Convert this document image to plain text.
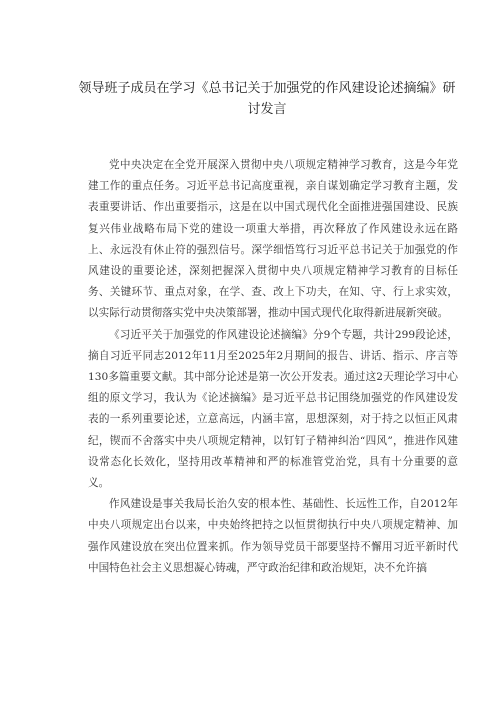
领导班子成员在学习《总书记关于加强党的作风建设论述摘编》研讨发言

党中央决定在全党开展深入贯彻中央八项规定精神学习教育，这是今年党建工作的重点任务。习近平总书记高度重视，亲自谋划确定学习教育主题，发表重要讲话、作出重要指示，这是在以中国式现代化全面推进强国建设、民族复兴伟业战略布局下党的建设一项重大举措，再次释放了作风建设永远在路上、永远没有休止符的强烈信号。深学细悟笃行习近平总书记关于加强党的作风建设的重要论述，深刻把握深入贯彻中央八项规定精神学习教育的目标任务、关键环节、重点对象，在学、查、改上下功夫，在知、守、行上求实效，以实际行动贯彻落实党中央决策部署，推动中国式现代化取得新进展新突破。

《习近平关于加强党的作风建设论述摘编》分9个专题，共计299段论述，摘自习近平同志2012年11月至2025年2月期间的报告、讲话、指示、序言等130多篇重要文献。其中部分论述是第一次公开发表。通过这2天理论学习中心组的原文学习，我认为《论述摘编》是习近平总书记围绕加强党的作风建设发表的一系列重要论述，立意高远，内涵丰富，思想深刻，对于持之以恒正风肃纪，锲而不舍落实中央八项规定精神，以钉钉子精神纠治“四风”，推进作风建设常态化长效化，坚持用改革精神和严的标准管党治党，具有十分重要的意义。

作风建设是事关我局长治久安的根本性、基础性、长远性工作，自2012年中央八项规定出台以来，中央始终把持之以恒贯彻执行中央八项规定精神、加强作风建设放在突出位置来抓。作为领导党员干部要坚持不懈用习近平新时代中国特色社会主义思想凝心铸魂，严守政治纪律和政治规矩，决不允许搞
